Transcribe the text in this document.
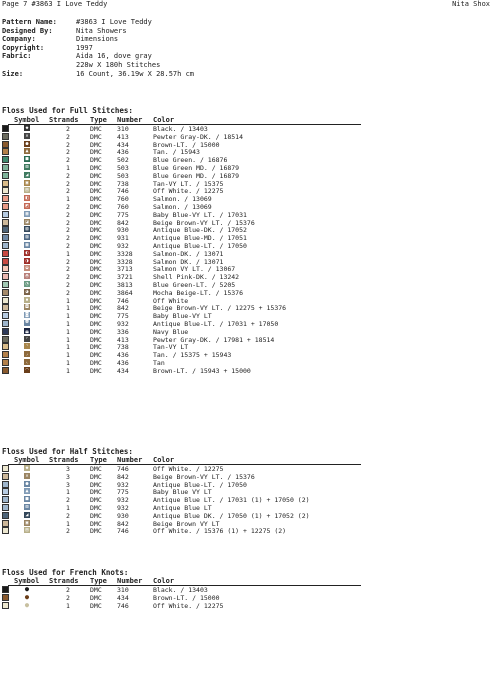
Page 7 #3863 I Love Teddy	Nita Shox
Pattern Name:	#3863 I Love Teddy
Designed By:	Nita Showers
Company:	Dimensions
Copyright:	1997
Fabric:	Aida 16, dove gray
228w X 180h Stitches
Size:	16 Count, 36.19w X 28.57h cm
Floss Used for Full Stitches:
Symbol Strands Type Number Color
◆	2	DMC 310	Black. / 13403
✕	2	DMC 413	Pewter Gray-DK. / 18514
●	2	DMC 434	Brown-LT. / 15000
▲	2	DMC 436	Tan. / 15943
■	2	DMC 502	Blue Green. / 16876
⊠	1	DMC 503	Blue Green MD. / 16879
◢	2	DMC 503	Blue Green MD. / 16879
▣	2	DMC 738	Tan-VY LT. / 15375
▤	2	DMC 746	Off White. / 12275
◧	1	DMC 760	Salmon. / 13069
◩	2	DMC 760	Salmon. / 13069
▦	2	DMC 775	Baby Blue-VY LT. / 17031
◪	2	DMC 842	Beige Brown-VY LT. / 15376
▧	2	DMC 930	Antique Blue-DK. / 17052
▨	2	DMC 931	Antique Blue-MD. / 17051
▩	2	DMC 932	Antique Blue-LT. / 17050
◐	1	DMC 3328	Salmon-DK. / 13071
◑	2	DMC 3328	Salmon DK. / 13071
◒	2	DMC 3713	Salmon VY LT. / 13067
◓	2	DMC 3721	Shell Pink-DK. / 13242
◔	2	DMC 3813	Blue Green-LT. / 5205
◕	2	DMC 3864	Mocha Beige-LT. / 15376
▪	1	DMC 746	Off White
◘	1	DMC 842	Beige Brown-VY LT. / 12275 + 15376
◙	1	DMC 775	Baby Blue-VY LT
◚	1	DMC 932	Antique Blue-LT. / 17031 + 17050
◛	1	DMC 336	Navy Blue
◜	1	DMC 413	Pewter Gray-DK. / 17981 + 18514
◝	1	DMC 738	Tan-VY LT
◞	1	DMC 436	Tan. / 15375 + 15943
◟	1	DMC 436	Tan
◠	1	DMC 434	Brown-LT. / 15943 + 15000
Floss Used for Half Stitches:
Symbol Strands Type Number Color
◆	3	DMC 746	Off White. / 12275
✕	3	DMC 842	Beige Brown-VY LT. / 15376
●	3	DMC 932	Antique Blue-LT. / 17050
▲	1	DMC 775	Baby Blue VY LT
■	2	DMC 932	Antique Blue LT. / 17031 (1) + 17050 (2)
⊠	1	DMC 932	Antique Blue LT
◢	2	DMC 930	Antique Blue DK. / 17050 (1) + 17052 (2)
▣	1	DMC 842	Beige Brown VY LT
▤	2	DMC 746	Off White. / 15376 (1) + 12275 (2)
Floss Used for French Knots:
Symbol Strands Type Number Color
●	2	DMC 310	Black. / 13403
●	2	DMC 434	Brown-LT. / 15000
●	1	DMC 746	Off White. / 12275
